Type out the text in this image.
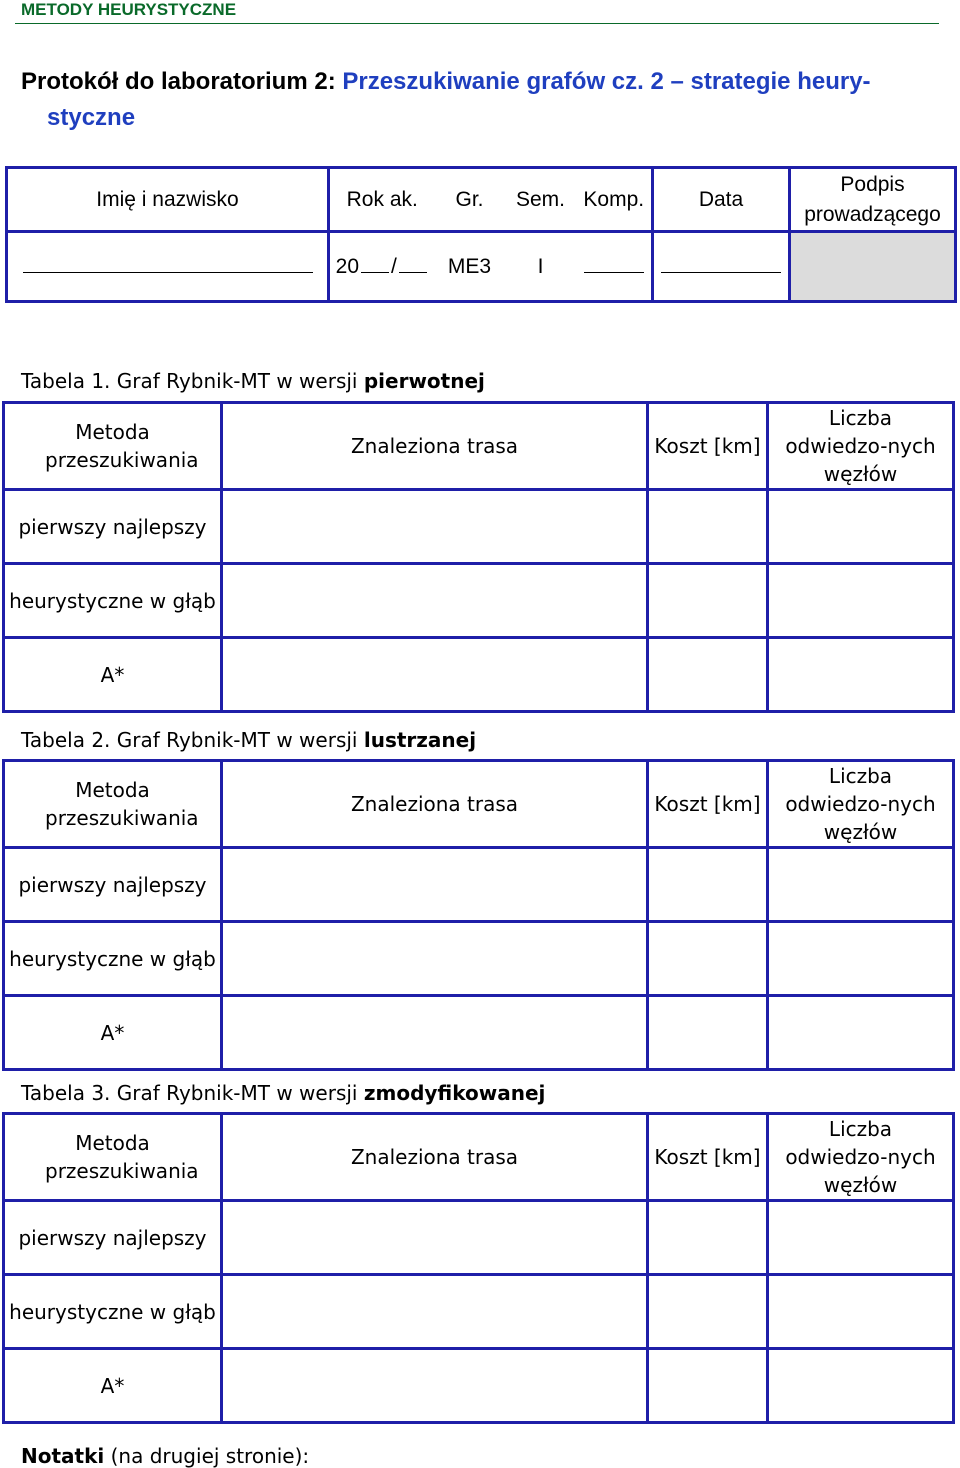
METODY HEURYSTYCZNE
Protokół do laboratorium 2: Przeszukiwanie grafów cz. 2 – strategie heury-
styczne
Imię i nazwisko	Rok ak.	Gr.	Sem.	Komp.	Data	Podpis prowadzącego
	20 /	ME3	I			
Tabela 1. Graf Rybnik-MT w wersji pierwotnej
Metoda przeszukiwania	Znaleziona trasa	Koszt [km]	Liczba odwiedzo-nych węzłów
pierwszy najlepszy			
heurystyczne w głąb			
A*			
Tabela 2. Graf Rybnik-MT w wersji lustrzanej
Metoda przeszukiwania	Znaleziona trasa	Koszt [km]	Liczba odwiedzo-nych węzłów
pierwszy najlepszy			
heurystyczne w głąb			
A*			
Tabela 3. Graf Rybnik-MT w wersji zmodyfikowanej
Metoda przeszukiwania	Znaleziona trasa	Koszt [km]	Liczba odwiedzo-nych węzłów
pierwszy najlepszy			
heurystyczne w głąb			
A*			
Notatki (na drugiej stronie):
